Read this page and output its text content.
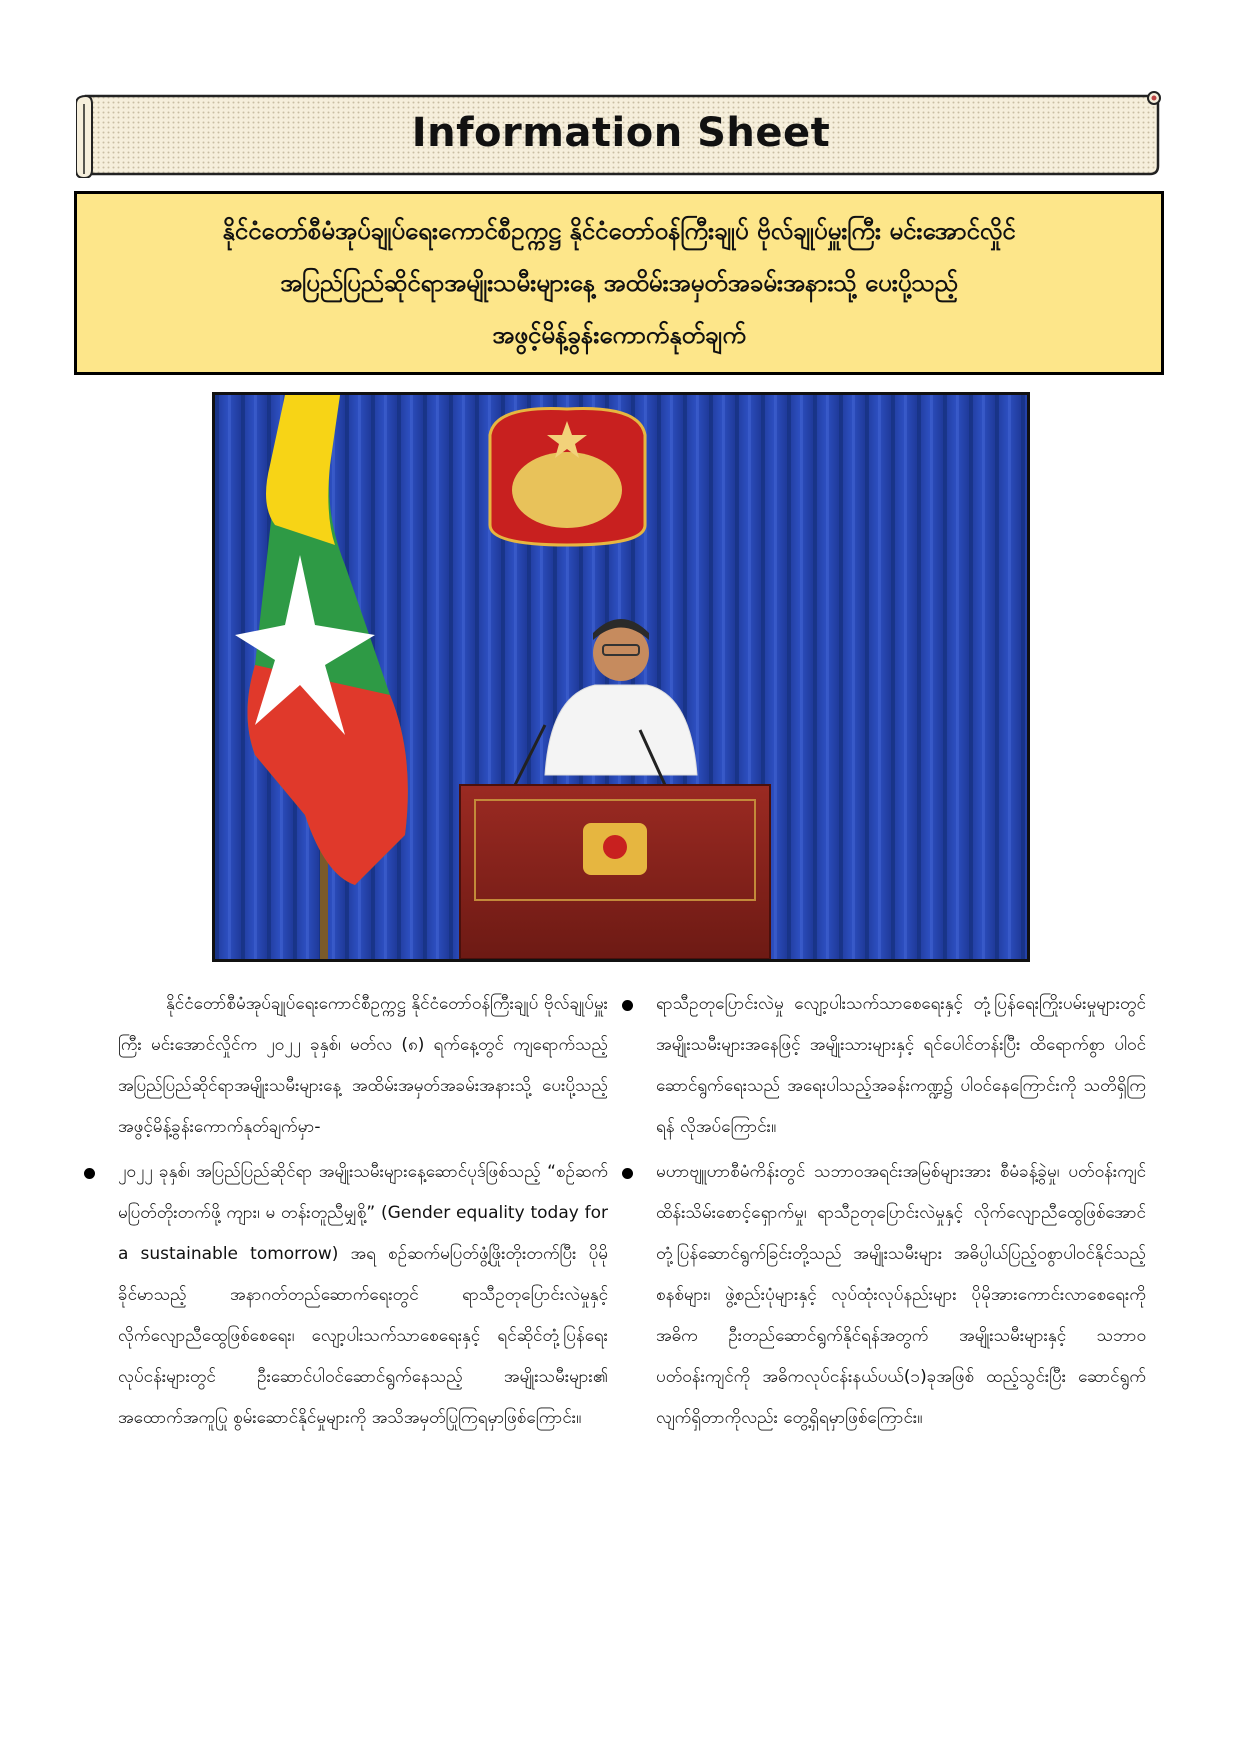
Information Sheet
နိုင်ငံတော်စီမံအုပ်ချုပ်ရေးကောင်စီဥက္ကဋ္ဌ နိုင်ငံတော်ဝန်ကြီးချုပ် ဗိုလ်ချုပ်မှူးကြီး မင်းအောင်လှိုင်
အပြည်ပြည်ဆိုင်ရာအမျိုးသမီးများနေ့ အထိမ်းအမှတ်အခမ်းအနားသို့ ပေးပို့သည့်
အဖွင့်မိန့်ခွန်းကောက်နုတ်ချက်

နိုင်ငံတော်စီမံအုပ်ချုပ်ရေးကောင်စီဥက္ကဋ္ဌ နိုင်ငံတော်ဝန်ကြီးချုပ် ဗိုလ်ချုပ်မှူးကြီး မင်းအောင်လှိုင်က ၂၀၂၂ ခုနှစ်၊ မတ်လ (၈) ရက်နေ့တွင် ကျရောက်သည့် အပြည်ပြည်ဆိုင်ရာအမျိုးသမီးများနေ့ အထိမ်းအမှတ်အခမ်းအနားသို့ ပေးပို့သည့် အဖွင့်မိန့်ခွန်းကောက်နုတ်ချက်မှာ-

၂၀၂၂ ခုနှစ်၊ အပြည်ပြည်ဆိုင်ရာ အမျိုးသမီးများနေ့ဆောင်ပုဒ်ဖြစ်သည့် “စဉ်ဆက်မပြတ်တိုးတက်ဖို့ ကျား၊ မ တန်းတူညီမျှစို့” (Gender equality today for a sustainable tomorrow) အရ စဉ်ဆက်မပြတ်ဖွံ့ဖြိုးတိုးတက်ပြီး ပိုမိုခိုင်မာသည့် အနာဂတ်တည်ဆောက်ရေးတွင် ရာသီဥတုပြောင်းလဲမှုနှင့် လိုက်လျောညီထွေဖြစ်စေရေး၊ လျော့ပါးသက်သာစေရေးနှင့် ရင်ဆိုင်တုံ့ပြန်ရေးလုပ်ငန်းများတွင် ဦးဆောင်ပါဝင်ဆောင်ရွက်နေသည့် အမျိုးသမီးများ၏ အထောက်အကူပြု စွမ်းဆောင်နိုင်မှုများကို အသိအမှတ်ပြုကြရမှာဖြစ်ကြောင်း။

ရာသီဥတုပြောင်းလဲမှု လျော့ပါးသက်သာစေရေးနှင့် တုံ့ပြန်ရေးကြိုးပမ်းမှုများတွင် အမျိုးသမီးများအနေဖြင့် အမျိုးသားများနှင့် ရင်ပေါင်တန်းပြီး ထိရောက်စွာ ပါဝင်ဆောင်ရွက်ရေးသည် အရေးပါသည့်အခန်းကဏ္ဍ၌ ပါဝင်နေကြောင်းကို သတိရှိကြရန် လိုအပ်ကြောင်း။

မဟာဗျူဟာစီမံကိန်းတွင် သဘာဝအရင်းအမြစ်များအား စီမံခန့်ခွဲမှု၊ ပတ်ဝန်းကျင်ထိန်းသိမ်းစောင့်ရှောက်မှု၊ ရာသီဥတုပြောင်းလဲမှုနှင့် လိုက်လျောညီထွေဖြစ်အောင် တုံ့ပြန်ဆောင်ရွက်ခြင်းတို့သည် အမျိုးသမီးများ အဓိပ္ပါယ်ပြည့်ဝစွာပါဝင်နိုင်သည့် စနစ်များ၊ ဖွဲ့စည်းပုံများနှင့် လုပ်ထုံးလုပ်နည်းများ ပိုမိုအားကောင်းလာစေရေးကို အဓိက ဦးတည်ဆောင်ရွက်နိုင်ရန်အတွက် အမျိုးသမီးများနှင့် သဘာဝပတ်ဝန်းကျင်ကို အဓိကလုပ်ငန်းနယ်ပယ်(၁)ခုအဖြစ် ထည့်သွင်းပြီး ဆောင်ရွက်လျက်ရှိတာကိုလည်း တွေ့ရှိရမှာဖြစ်ကြောင်း။
